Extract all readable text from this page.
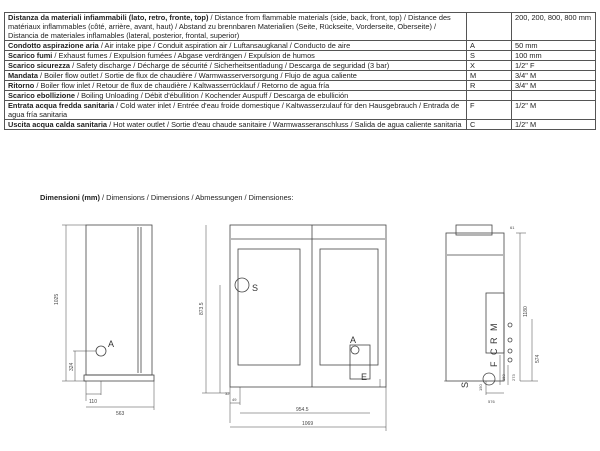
Distanza da materiali infiammabili (lato, retro, fronte, top) / Distance from flammable materials (side, back, front, top) / Distance des matériaux inflammables (côté, arrière, avant, haut) / Abstand zu brennbaren Materialien (Seite, Rückseite, Vorderseite, Oberseite) / Distancia de materiales inflamables (lateral, posterior, frontal, superior)		200, 200, 800, 800 mm
Condotto aspirazione aria / Air intake pipe / Conduit aspiration air / Luftansaugkanal / Conducto de aire	A	50 mm
Scarico fumi / Exhaust fumes / Expulsion fumées / Abgase verdrängen / Expulsion de humos	S	100 mm
Scarico sicurezza / Safety discharge / Décharge de sécurité / Sicherheitsentladung / Descarga de seguridad (3 bar)	X	1/2" F
Mandata / Boiler flow outlet / Sortie de flux de chaudière / Warmwasserversorgung / Flujo de agua caliente	M	3/4" M
Ritorno / Boiler flow inlet / Retour de flux de chaudière / Kaltwasserrücklauf / Retorno de agua fría	R	3/4" M
Scarico ebollizione / Boiling Unloading / Débit d'ébullition / Kochender Auspuff / Descarga de ebullición		
Entrata acqua fredda sanitaria / Cold water inlet / Entrée d'eau froide domestique / Kaltwasserzulauf für den Hausgebrauch / Entrada de agua fría sanitaria	F	1/2" M
Uscita acqua calda sanitaria / Hot water outlet / Sortie d'eau chaude sanitaire / Warmwasseranschluss / Salida de agua caliente sanitaria	C	1/2" M
Dimensioni (mm) / Dimensions / Dimensions / Abmessungen / Dimensiones:
1025
324
110
563
A
873.5
32
49
954.5
1069
S
A
E
61
1180
574
273
150
150
576
F
C
R
M
S
